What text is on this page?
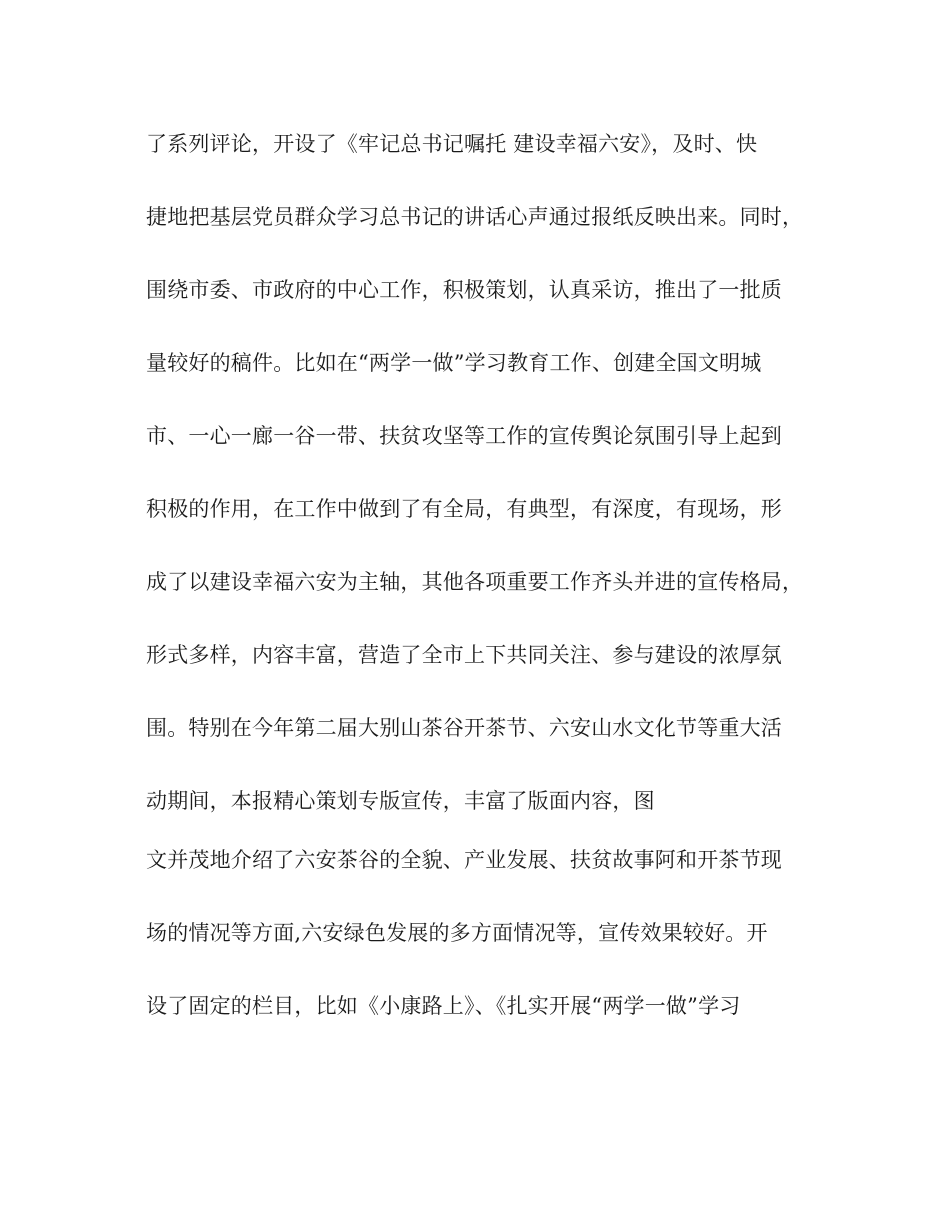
了系列评论，开设了《牢记总书记嘱托 建设幸福六安》，及时、快
捷地把基层党员群众学习总书记的讲话心声通过报纸反映出来。同时，
围绕市委、市政府的中心工作，积极策划，认真采访，推出了一批质
量较好的稿件。比如在“两学一做”学习教育工作、创建全国文明城
市、一心一廊一谷一带、扶贫攻坚等工作的宣传舆论氛围引导上起到
积极的作用，在工作中做到了有全局，有典型，有深度，有现场，形
成了以建设幸福六安为主轴，其他各项重要工作齐头并进的宣传格局，
形式多样，内容丰富，营造了全市上下共同关注、参与建设的浓厚氛
围。特别在今年第二届大别山茶谷开茶节、六安山水文化节等重大活
动期间，本报精心策划专版宣传，丰富了版面内容，图
文并茂地介绍了六安茶谷的全貌、产业发展、扶贫故事阿和开茶节现
场的情况等方面,六安绿色发展的多方面情况等，宣传效果较好。开
设了固定的栏目，比如《小康路上》、《扎实开展“两学一做”学习
